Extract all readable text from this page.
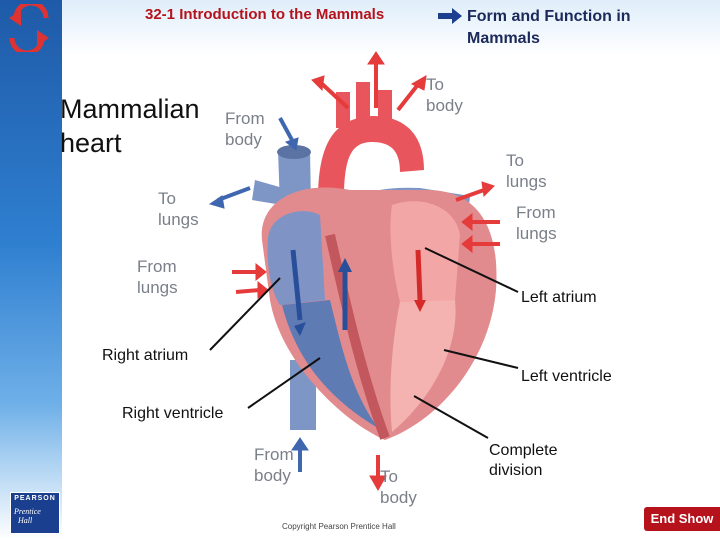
32-1 Introduction to the Mammals	Form and Function in Mammals
Mammalian heart
To body
From body
To lungs
From lungs
To lungs
From lungs
From body	To body
Left atrium
Right atrium
Left ventricle
Right ventricle
Complete division
PEARSON
Prentice
Hall
Copyright Pearson Prentice Hall
Slide
9 of 50
End Show
